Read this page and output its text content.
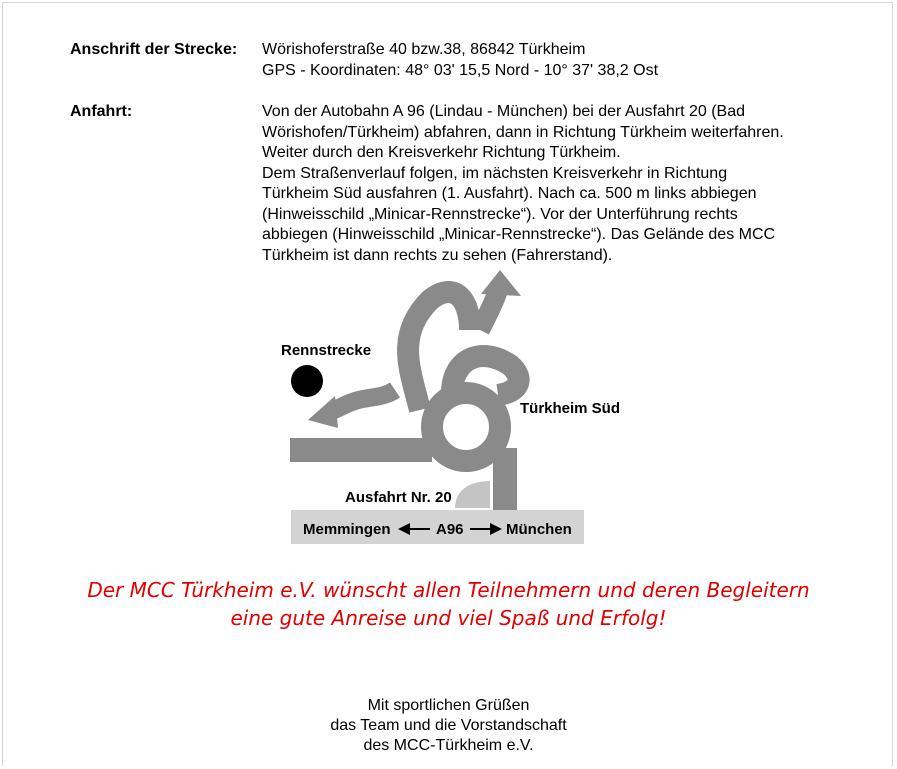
Anschrift der Strecke: Wörishoferstraße 40 bzw.38, 86842 Türkheim
GPS - Koordinaten: 48° 03' 15,5 Nord - 10° 37' 38,2 Ost
Anfahrt:	Von der Autobahn A 96 (Lindau - München) bei der Ausfahrt 20 (Bad
Wörishofen/Türkheim) abfahren, dann in Richtung Türkheim weiterfahren.
Weiter durch den Kreisverkehr Richtung Türkheim.
Dem Straßenverlauf folgen, im nächsten Kreisverkehr in Richtung
Türkheim Süd ausfahren (1. Ausfahrt). Nach ca. 500 m links abbiegen
(Hinweisschild „Minicar-Rennstrecke“). Vor der Unterführung rechts
abbiegen (Hinweisschild „Minicar-Rennstrecke“). Das Gelände des MCC
Türkheim ist dann rechts zu sehen (Fahrerstand).
Rennstrecke
Türkheim Süd
Ausfahrt Nr. 20
Memmingen	A96	München
Der MCC Türkheim e.V. wünscht allen Teilnehmern und deren Begleitern
eine gute Anreise und viel Spaß und Erfolg!
Mit sportlichen Grüßen
das Team und die Vorstandschaft
des MCC-Türkheim e.V.
